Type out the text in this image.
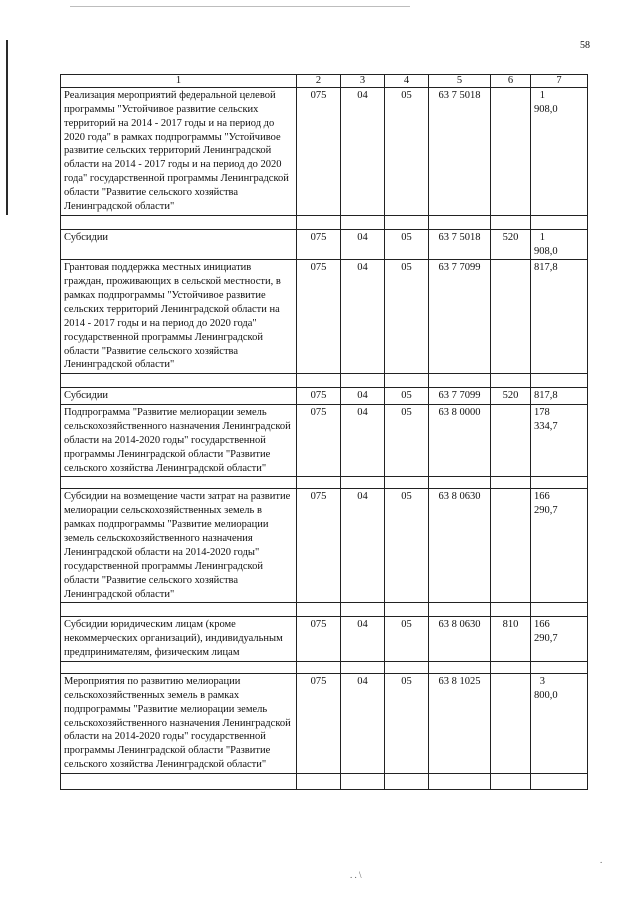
58
1	2	3	4	5	6	7
Реализация мероприятий федеральной целевой программы "Устойчивое развитие сельских территорий на 2014 - 2017 годы и на период до 2020 года" в рамках подпрограммы "Устойчивое развитие сельских территорий Ленинградской области на 2014 - 2017 годы и на период до 2020 года" государственной программы Ленинградской области "Развитие сельского хозяйства Ленинградской области"	075	04	05	63 7 5018		1 908,0

Субсидии	075	04	05	63 7 5018	520	1 908,0
Грантовая поддержка местных инициатив граждан, проживающих в сельской местности, в рамках подпрограммы "Устойчивое развитие сельских территорий Ленинградской области на 2014 - 2017 годы и на период до 2020 года" государственной программы Ленинградской области "Развитие сельского хозяйства Ленинградской области"	075	04	05	63 7 7099		817,8

Субсидии	075	04	05	63 7 7099	520	817,8
Подпрограмма "Развитие мелиорации земель сельскохозяйственного назначения Ленинградской области на 2014-2020 годы" государственной программы Ленинградской области "Развитие сельского хозяйства Ленинградской области"	075	04	05	63 8 0000		178 334,7

Субсидии на возмещение части затрат на развитие мелиорации сельскохозяйственных земель в рамках подпрограммы "Развитие мелиорации земель сельскохозяйственного назначения Ленинградской области на 2014-2020 годы" государственной программы Ленинградской области "Развитие сельского хозяйства Ленинградской области"	075	04	05	63 8 0630		166 290,7

Субсидии юридическим лицам (кроме некоммерческих организаций), индивидуальным предпринимателям, физическим лицам	075	04	05	63 8 0630	810	166 290,7

Мероприятия по развитию мелиорации сельскохозяйственных земель в рамках подпрограммы "Развитие мелиорации земель сельскохозяйственного назначения Ленинградской области на 2014-2020 годы" государственной программы Ленинградской области "Развитие сельского хозяйства Ленинградской области"	075	04	05	63 8 1025		3 800,0

. . \
.
